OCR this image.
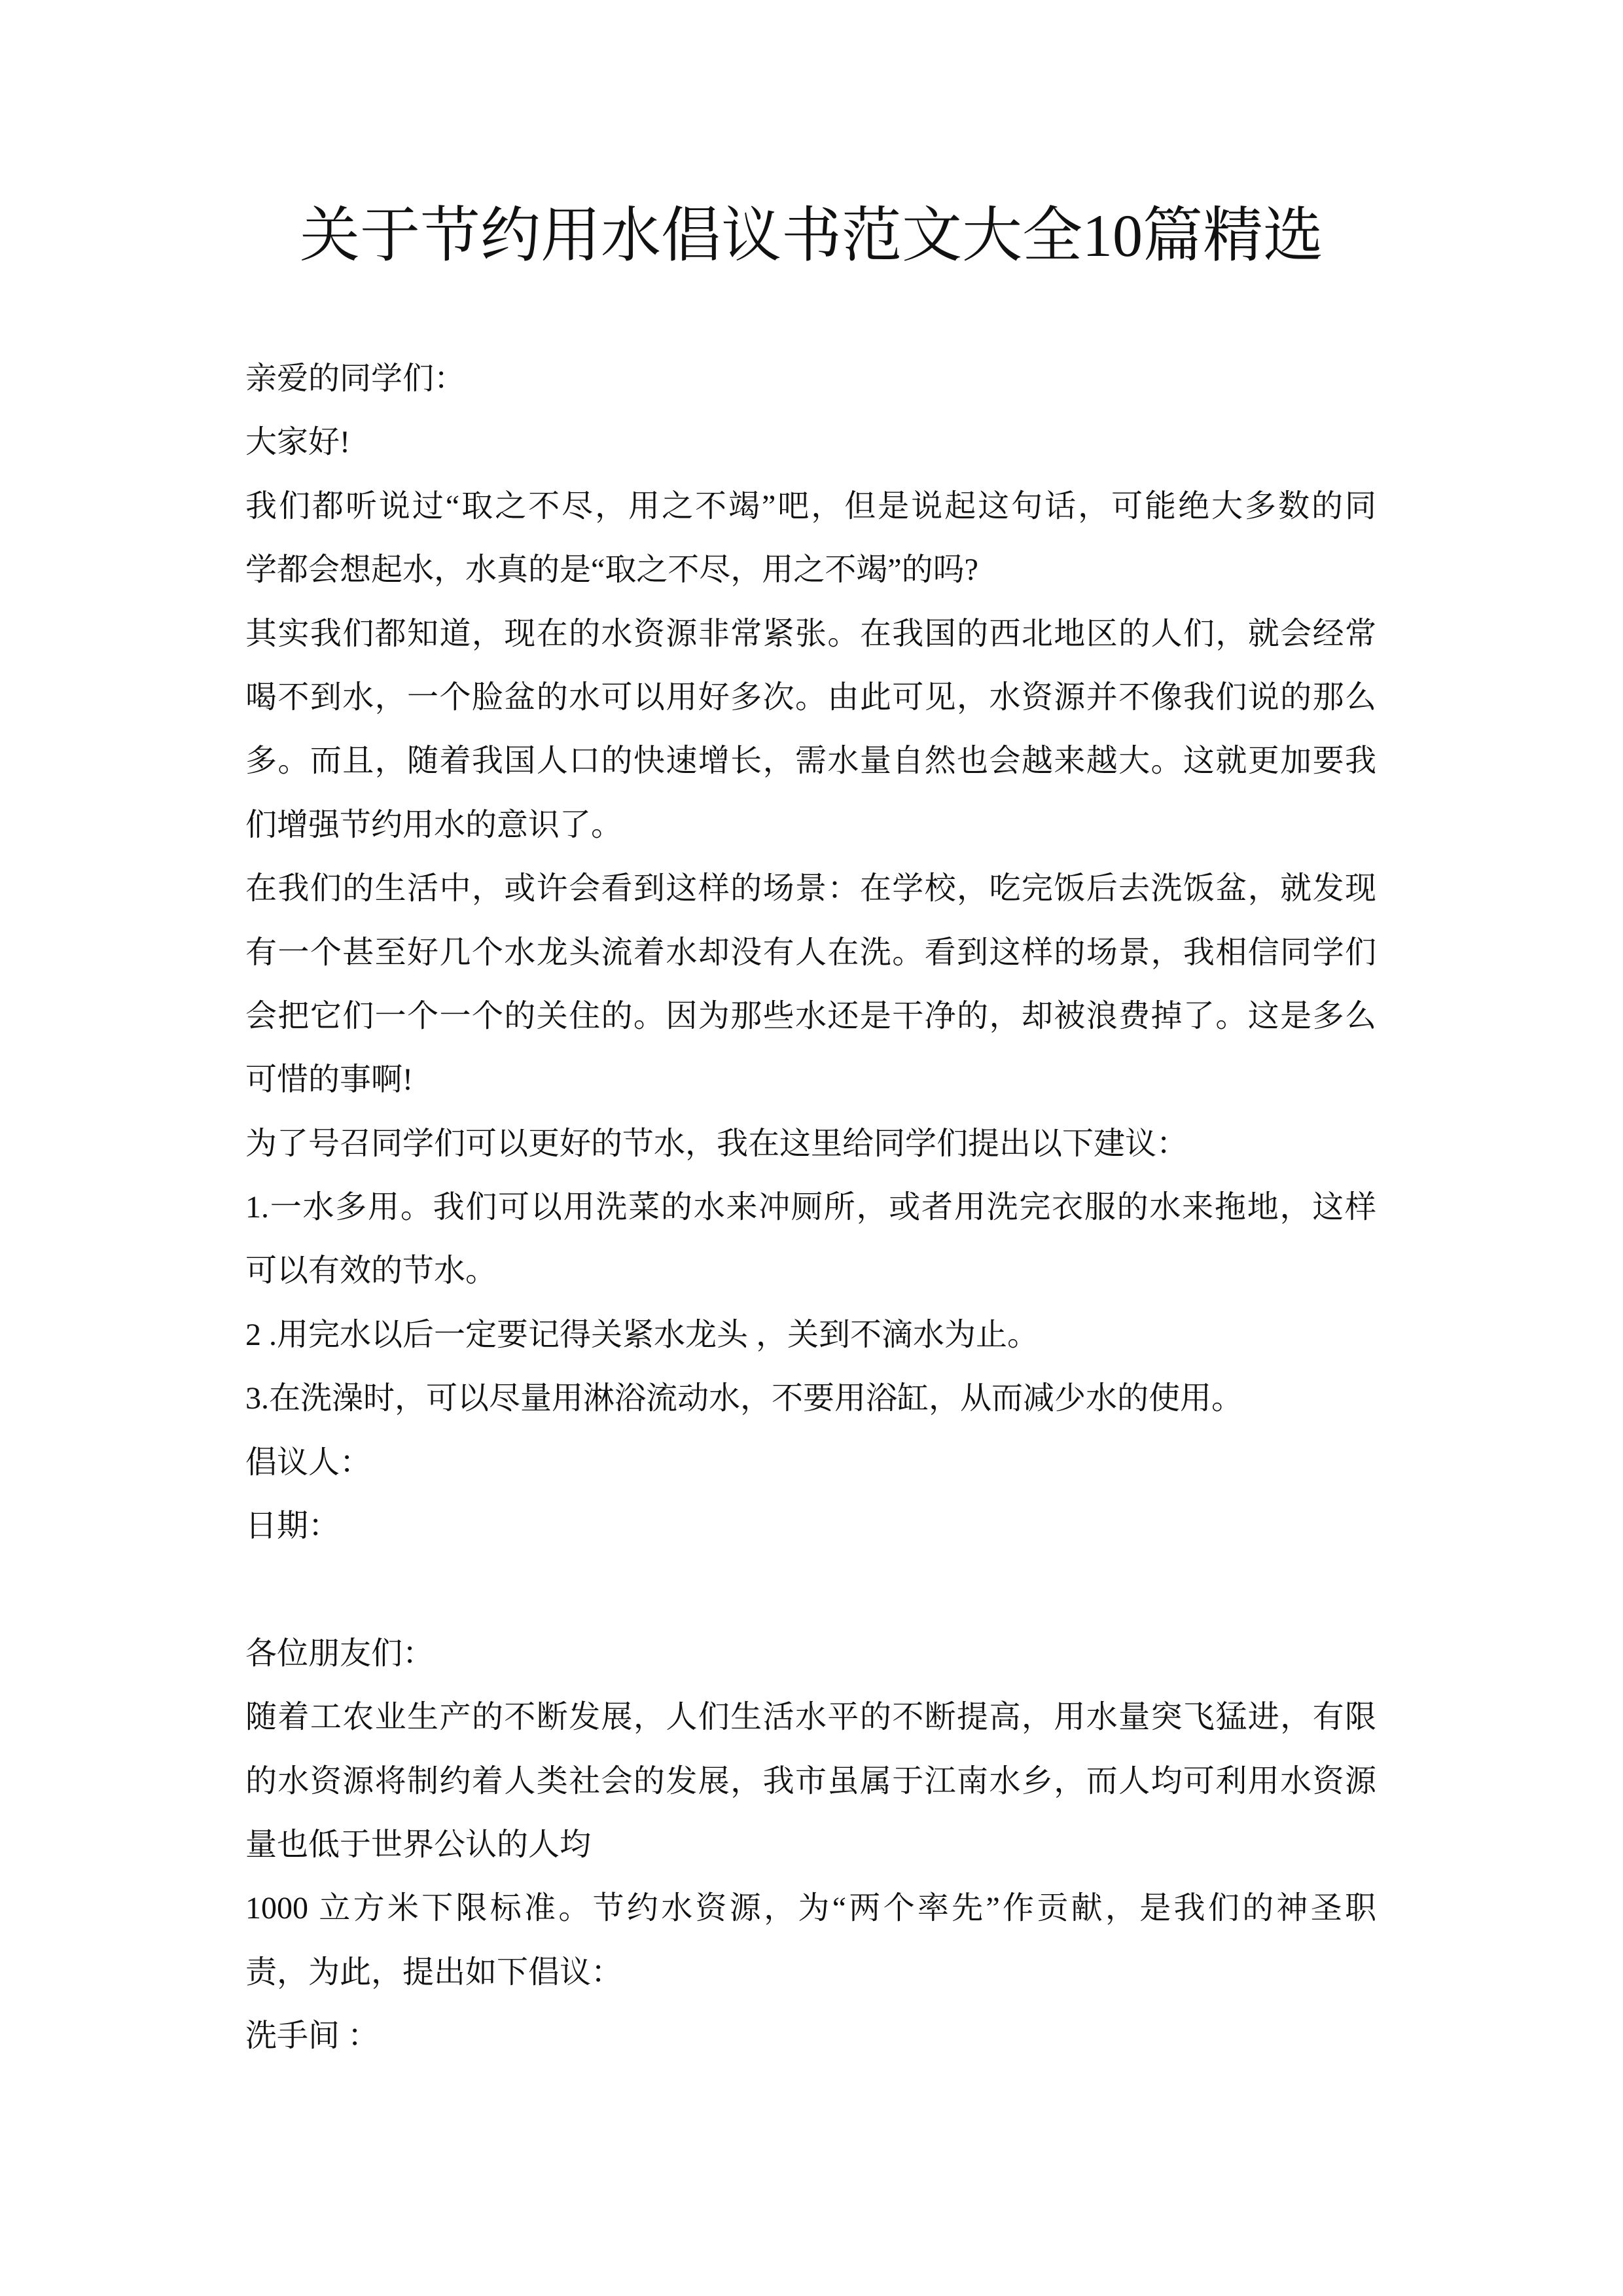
关于节约用水倡议书范文大全10篇精选
亲爱的同学们：
大家好!
我们都听说过“取之不尽，用之不竭”吧，但是说起这句话，可能绝大多数的同
学都会想起水，水真的是“取之不尽，用之不竭”的吗?
其实我们都知道，现在的水资源非常紧张。在我国的西北地区的人们，就会经常
喝不到水，一个脸盆的水可以用好多次。由此可见，水资源并不像我们说的那么
多。而且，随着我国人口的快速增长，需水量自然也会越来越大。这就更加要我
们增强节约用水的意识了。
在我们的生活中，或许会看到这样的场景：在学校，吃完饭后去洗饭盆，就发现
有一个甚至好几个水龙头流着水却没有人在洗。看到这样的场景，我相信同学们
会把它们一个一个的关住的。因为那些水还是干净的，却被浪费掉了。这是多么
可惜的事啊!
为了号召同学们可以更好的节水，我在这里给同学们提出以下建议：
1.一水多用。我们可以用洗菜的水来冲厕所，或者用洗完衣服的水来拖地，这样
可以有效的节水。
2 .用完水以后一定要记得关紧水龙头 ，关到不滴水为止。
3.在洗澡时，可以尽量用淋浴流动水，不要用浴缸，从而减少水的使用。
倡议人：
日期：
各位朋友们：
随着工农业生产的不断发展，人们生活水平的不断提高，用水量突飞猛进，有限
的水资源将制约着人类社会的发展，我市虽属于江南水乡，而人均可利用水资源
量也低于世界公认的人均
1000 立方米下限标准。节约水资源，为“两个率先”作贡献，是我们的神圣职
责，为此，提出如下倡议：
洗手间 ：
